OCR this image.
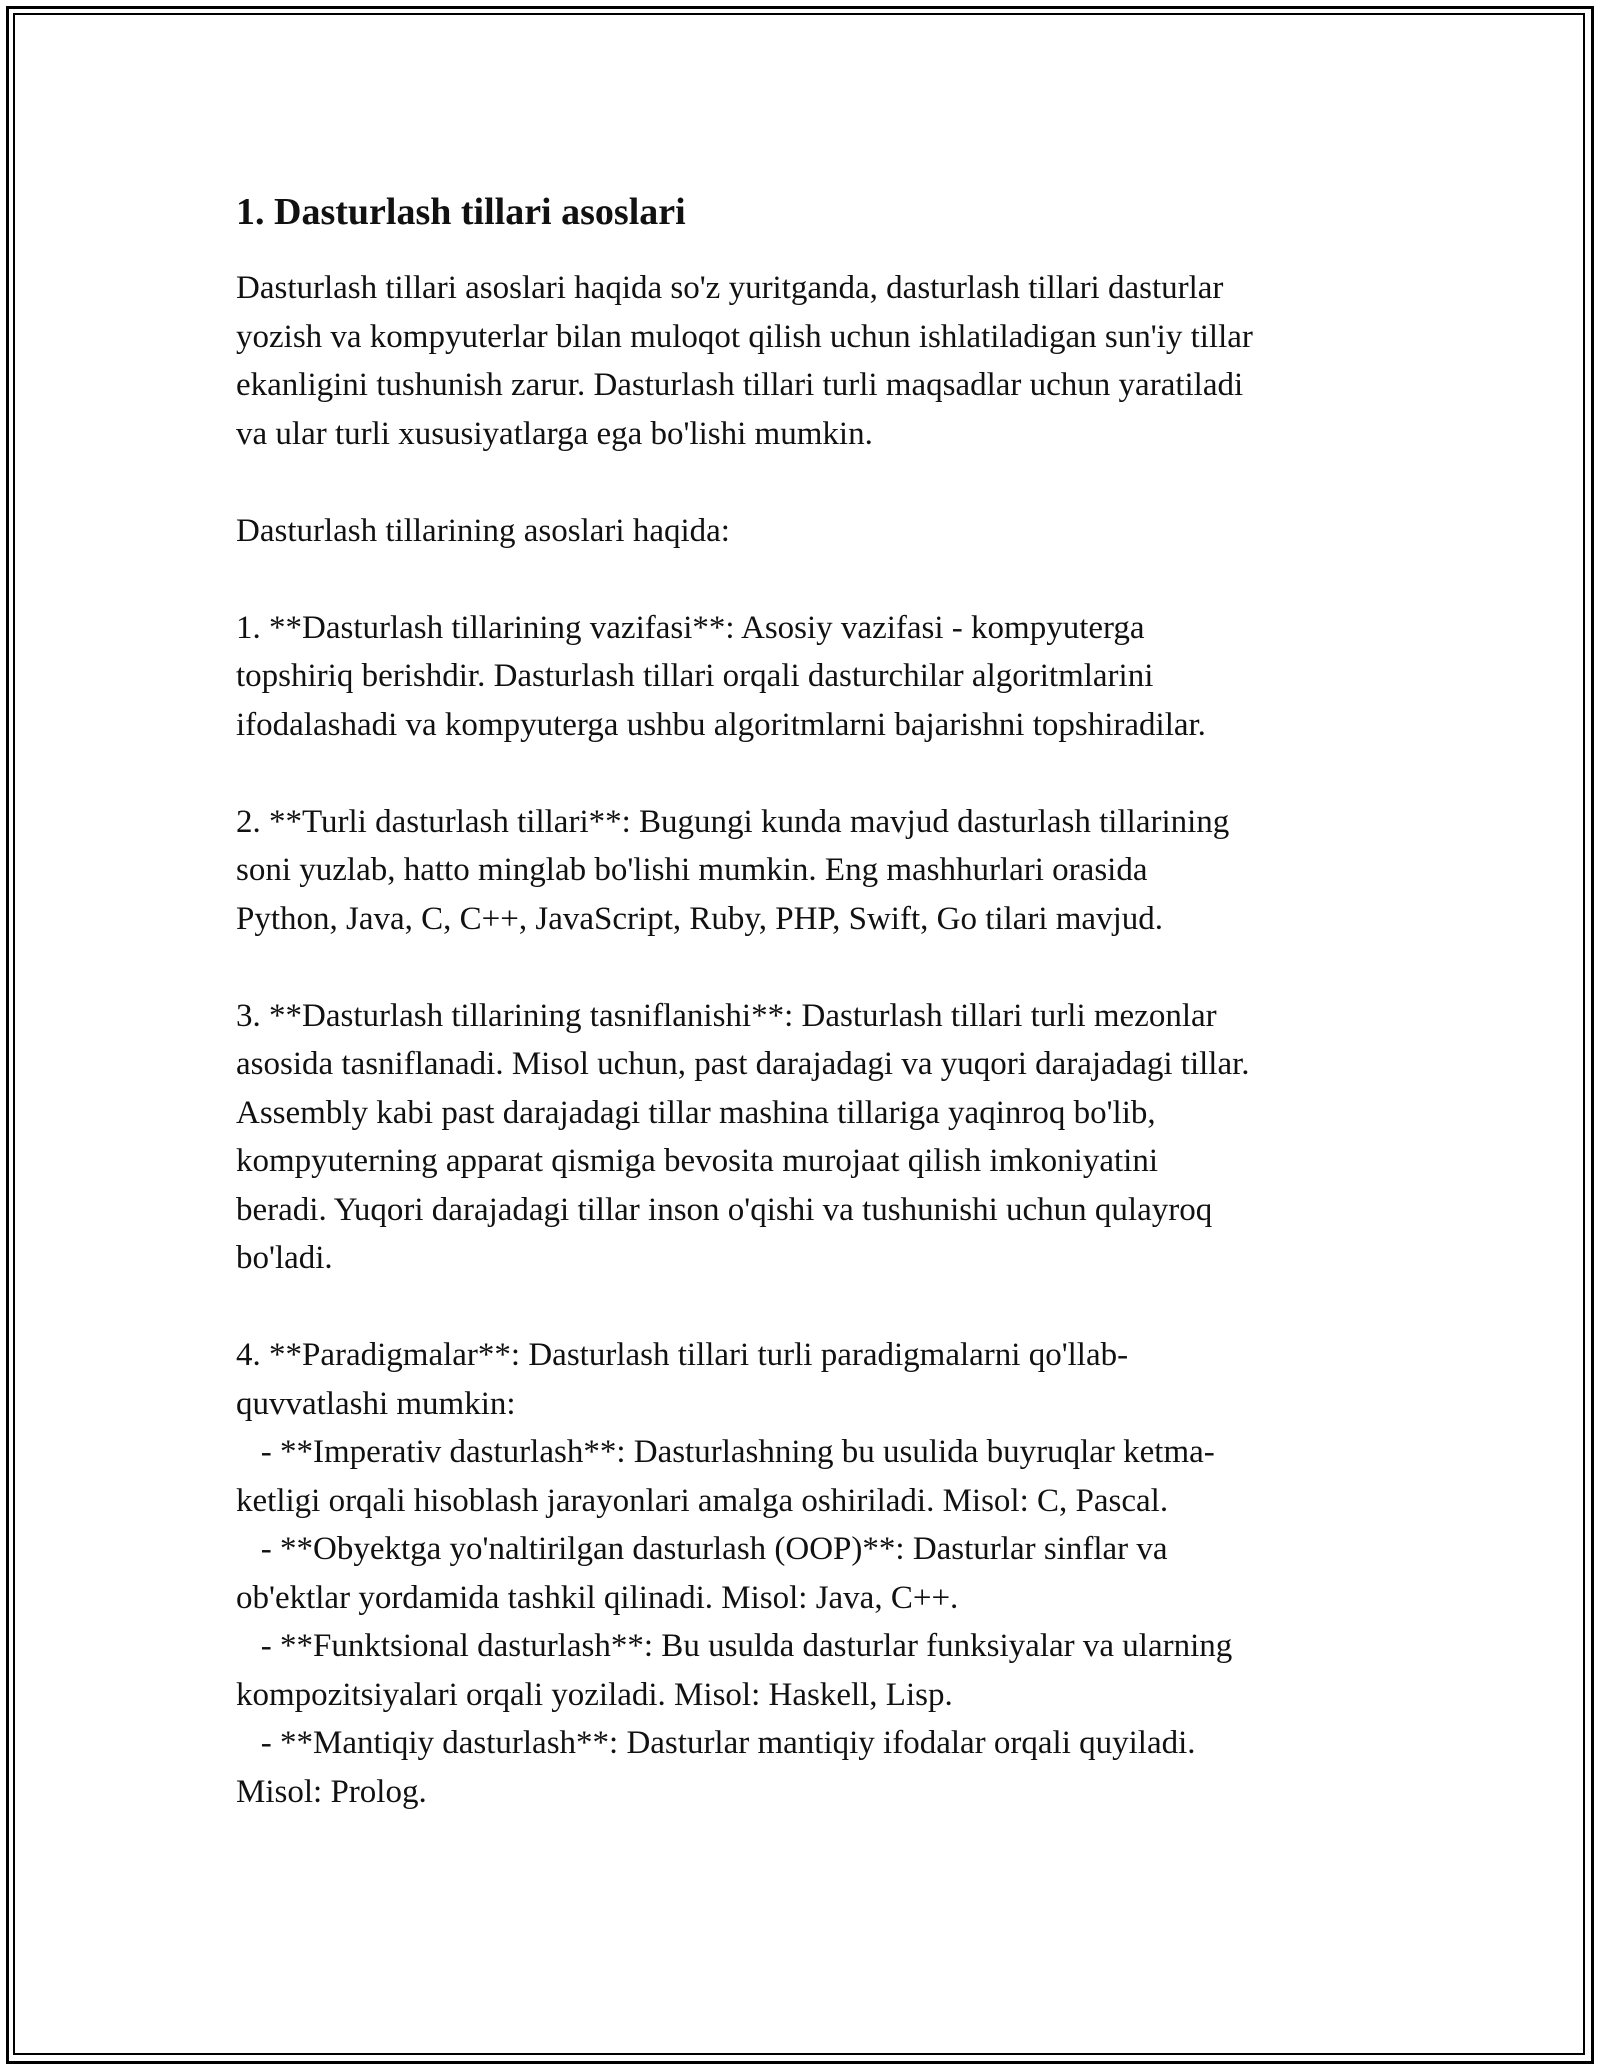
1. Dasturlash tillari asoslari
Dasturlash tillari asoslari haqida so'z yuritganda, dasturlash tillari dasturlar
yozish va kompyuterlar bilan muloqot qilish uchun ishlatiladigan sun'iy tillar
ekanligini tushunish zarur. Dasturlash tillari turli maqsadlar uchun yaratiladi
va ular turli xususiyatlarga ega bo'lishi mumkin.
Dasturlash tillarining asoslari haqida:
1. **Dasturlash tillarining vazifasi**: Asosiy vazifasi - kompyuterga
topshiriq berishdir. Dasturlash tillari orqali dasturchilar algoritmlarini
ifodalashadi va kompyuterga ushbu algoritmlarni bajarishni topshiradilar.
2. **Turli dasturlash tillari**: Bugungi kunda mavjud dasturlash tillarining
soni yuzlab, hatto minglab bo'lishi mumkin. Eng mashhurlari orasida
Python, Java, C, C++, JavaScript, Ruby, PHP, Swift, Go tilari mavjud.
3. **Dasturlash tillarining tasniflanishi**: Dasturlash tillari turli mezonlar
asosida tasniflanadi. Misol uchun, past darajadagi va yuqori darajadagi tillar.
Assembly kabi past darajadagi tillar mashina tillariga yaqinroq bo'lib,
kompyuterning apparat qismiga bevosita murojaat qilish imkoniyatini
beradi. Yuqori darajadagi tillar inson o'qishi va tushunishi uchun qulayroq
bo'ladi.
4. **Paradigmalar**: Dasturlash tillari turli paradigmalarni qo'llab-
quvvatlashi mumkin:
- **Imperativ dasturlash**: Dasturlashning bu usulida buyruqlar ketma-
ketligi orqali hisoblash jarayonlari amalga oshiriladi. Misol: C, Pascal.
- **Obyektga yo'naltirilgan dasturlash (OOP)**: Dasturlar sinflar va
ob'ektlar yordamida tashkil qilinadi. Misol: Java, C++.
- **Funktsional dasturlash**: Bu usulda dasturlar funksiyalar va ularning
kompozitsiyalari orqali yoziladi. Misol: Haskell, Lisp.
- **Mantiqiy dasturlash**: Dasturlar mantiqiy ifodalar orqali quyiladi.
Misol: Prolog.
